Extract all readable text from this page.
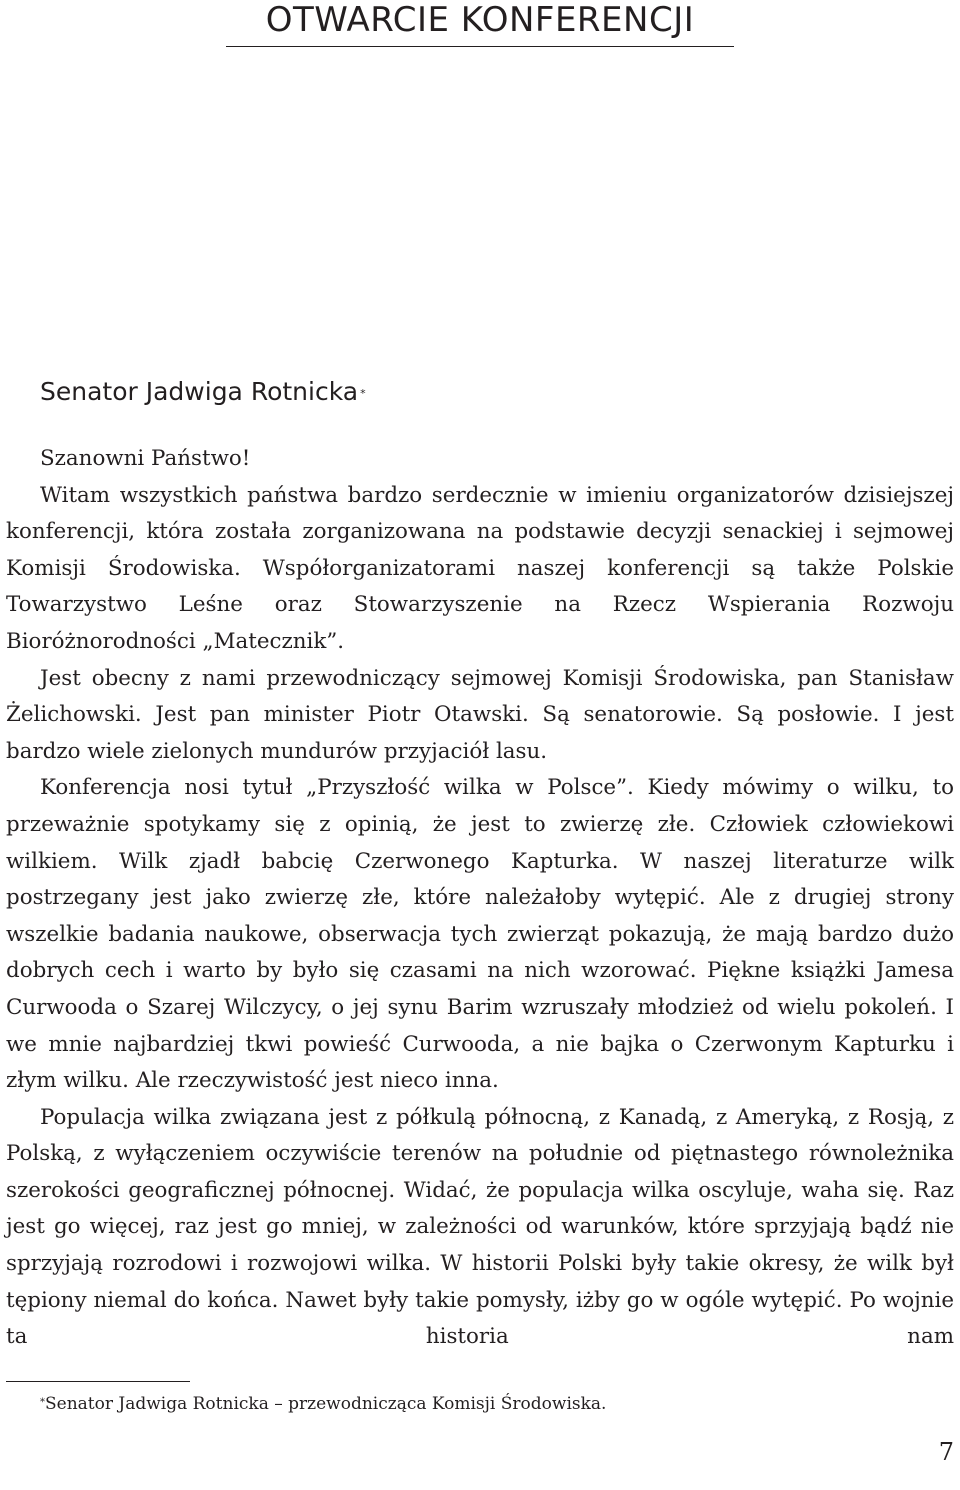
OTWARCIE KONFERENCJI
Senator Jadwiga Rotnicka *

Szanowni Państwo!

Witam wszystkich państwa bardzo serdecznie w imieniu organizatorów dzisiejszej konferencji, która została zorganizowana na podstawie decyzji senackiej i sejmowej Komisji Środowiska. Współorganizatorami naszej konferencji są także Polskie Towarzystwo Leśne oraz Stowarzyszenie na Rzecz Wspierania Rozwoju Bioróżnorodności „Matecznik”.

Jest obecny z nami przewodniczący sejmowej Komisji Środowiska, pan Stanisław Żelichowski. Jest pan minister Piotr Otawski. Są senatorowie. Są posłowie. I jest bardzo wiele zielonych mundurów przyjaciół lasu.

Konferencja nosi tytuł „Przyszłość wilka w Polsce”. Kiedy mówimy o wilku, to przeważnie spotykamy się z opinią, że jest to zwierzę złe. Człowiek człowiekowi wilkiem. Wilk zjadł babcię Czerwonego Kapturka. W naszej literaturze wilk postrzegany jest jako zwierzę złe, które należałoby wytępić. Ale z drugiej strony wszelkie badania naukowe, obserwacja tych zwierząt pokazują, że mają bardzo dużo dobrych cech i warto by było się czasami na nich wzorować. Piękne książki Jamesa Curwooda o Szarej Wilczycy, o jej synu Barim wzruszały młodzież od wielu pokoleń. I we mnie najbardziej tkwi powieść Curwooda, a nie bajka o Czerwonym Kapturku i złym wilku. Ale rzeczywistość jest nieco inna.

Populacja wilka związana jest z półkulą północną, z Kanadą, z Ameryką, z Rosją, z Polską, z wyłączeniem oczywiście terenów na południe od piętnastego równoleżnika szerokości geograficznej północnej. Widać, że populacja wilka oscyluje, waha się. Raz jest go więcej, raz jest go mniej, w zależności od warunków, które sprzyjają bądź nie sprzyjają rozrodowi i rozwojowi wilka. W historii Polski były takie okresy, że wilk był tępiony niemal do końca. Nawet były takie pomysły, iżby go w ogóle wytępić. Po wojnie ta historia nam

*Senator Jadwiga Rotnicka – przewodnicząca Komisji Środowiska.

7
